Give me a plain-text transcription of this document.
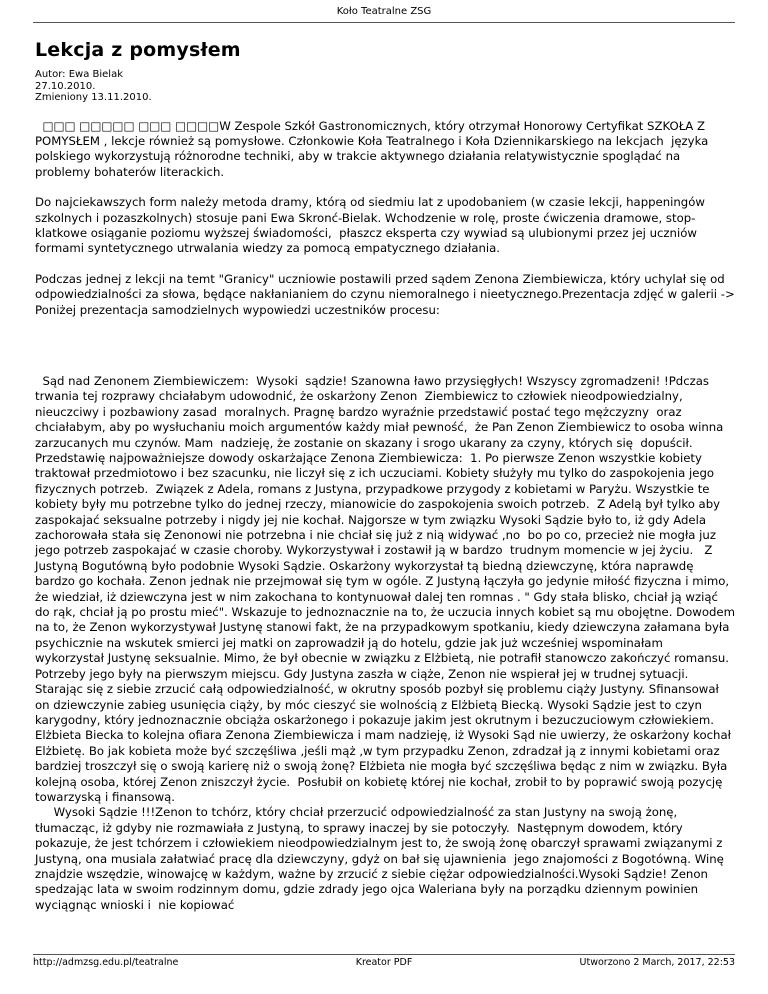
Koło Teatralne ZSG
Lekcja z pomysłem
Autor: Ewa Bielak
27.10.2010.
Zmieniony 13.11.2010.

□□□ □□□□□ □□□ □□□□W Zespole Szkół Gastronomicznych, który otrzymał Honorowy Certyfikat SZKOŁA Z POMYSŁEM , lekcje również są pomysłowe. Członkowie Koła Teatralnego i Koła Dziennikarskiego na lekcjach  języka polskiego wykorzystują różnorodne techniki, aby w trakcie aktywnego działania relatywistycznie spoglądać na problemy bohaterów literackich.

Do najciekawszych form należy metoda dramy, którą od siedmiu lat z upodobaniem (w czasie lekcji, happeningów szkolnych i pozaszkolnych) stosuje pani Ewa Skronć-Bielak. Wchodzenie w rolę, proste ćwiczenia dramowe, stop-klatkowe osiąganie poziomu wyższej świadomości,  płaszcz eksperta czy wywiad są ulubionymi przez jej uczniów formami syntetycznego utrwalania wiedzy za pomocą empatycznego działania.

Podczas jednej z lekcji na temt "Granicy" uczniowie postawili przed sądem Zenona Ziembiewicza, który uchylał się od odpowiedzialności za słowa, będące nakłanianiem do czynu niemoralnego i nieetycznego.Prezentacja zdjęć w galerii -> Poniżej prezentacja samodzielnych wypowiedzi uczestników procesu:

Sąd nad Zenonem Ziembiewiczem:  Wysoki  sądzie! Szanowna ławo przysięgłych! Wszyscy zgromadzeni! !Pdczas  trwania tej rozprawy chciałabym udowodnić, że oskarżony Zenon  Ziembiewicz to człowiek nieodpowiedzialny, nieuczciwy i pozbawiony zasad  moralnych. Pragnę bardzo wyraźnie przedstawić postać tego mężczyzny  oraz chciałabym, aby po wysłuchaniu moich argumentów każdy miał pewność,  że Pan Zenon Ziembiewicz to osoba winna zarzucanych mu czynów. Mam  nadzieję, że zostanie on skazany i srogo ukarany za czyny, których się  dopuścił. Przedstawię najpoważniejsze dowody oskarżające Zenona Ziembiewicza:  1. Po pierwsze Zenon wszystkie kobiety traktował przedmiotowo i bez szacunku, nie liczył się z ich uczuciami. Kobiety służyły mu tylko do zaspokojenia jego fizycznych potrzeb.  Związek z Adela, romans z Justyna, przypadkowe przygody z kobietami w Paryżu. Wszystkie te kobiety były mu potrzebne tylko do jednej rzeczy, mianowicie do zaspokojenia swoich potrzeb.  Z Adelą był tylko aby zaspokajać seksualne potrzeby i nigdy jej nie kochał. Najgorsze w tym związku Wysoki Sądzie było to, iż gdy Adela zachorowała stała się Zenonowi nie potrzebna i nie chciał się już z nią widywać ,no  bo po co, przecież nie mogła juz jego potrzeb zaspokajać w czasie choroby. Wykorzystywał i zostawił ją w bardzo  trudnym momencie w jej życiu.   Z Justyną Bogutówną było podobnie Wysoki Sądzie. Oskarżony wykorzystał tą biedną dziewczynę, która naprawdę bardzo go kochała. Zenon jednak nie przejmował się tym w ogóle. Z Justyną łączyła go jedynie miłość fizyczna i mimo, że wiedział, iż dziewczyna jest w nim zakochana to kontynuował dalej ten romnas . " Gdy stała blisko, chciał ją wziąć do rąk, chciał ją po prostu mieć". Wskazuje to jednoznacznie na to, że uczucia innych kobiet są mu obojętne. Dowodem na to, że Zenon wykorzystywał Justynę stanowi fakt, że na przypadkowym spotkaniu, kiedy dziewczyna załamana była psychicznie na wskutek smierci jej matki on zaprowadził ją do hotelu, gdzie jak już wcześniej wspominałam wykorzystał Justynę seksualnie. Mimo, że był obecnie w związku z Elżbietą, nie potrafił stanowczo zakończyć romansu. Potrzeby jego były na pierwszym miejscu. Gdy Justyna zaszła w ciąże, Zenon nie wspierał jej w trudnej sytuacji. Starając się z siebie zrzucić całą odpowiedzialność, w okrutny sposób pozbył się problemu ciąży Justyny. Sfinansował on dziewczynie zabieg usunięcia ciąży, by móc cieszyć sie wolnością z Elżbietą Biecką. Wysoki Sądzie jest to czyn karygodny, który jednoznacznie obciąża oskarżonego i pokazuje jakim jest okrutnym i bezuczuciowym człowiekiem.   Elżbieta Biecka to kolejna ofiara Zenona Ziembiewicza i mam nadzieję, iż Wysoki Sąd nie uwierzy, że oskarżony kochał Elżbietę. Bo jak kobieta może być szczęśliwa ,jeśli mąż ,w tym przypadku Zenon, zdradzał ją z innymi kobietami oraz bardziej troszczył się o swoją karierę niż o swoją żonę? Elżbieta nie mogła być szczęśliwa będąc z nim w związku. Była kolejną osoba, której Zenon zniszczył życie.  Posłubił on kobietę której nie kochał, zrobił to by poprawić swoją pozycję towarzyską i finansową.

Wysoki Sądzie !!!Zenon to tchórz, który chciał przerzucić odpowiedzialność za stan Justyny na swoją żonę, tłumacząc, iż gdyby nie rozmawiała z Justyną, to sprawy inaczej by sie potoczyły.  Następnym dowodem, który pokazuje, że jest tchórzem i człowiekiem nieodpowiedzialnym jest to, że swoją żonę obarczył sprawami związanymi z Justyną, ona musiala załatwiać pracę dla dziewczyny, gdyż on bał się ujawnienia  jego znajomości z Bogotówną. Winę znajdzie wszędzie, winowajcę w każdym, ważne by zrzucić z siebie ciężar odpowiedzialności.Wysoki Sądzie! Zenon spedzając lata w swoim rodzinnym domu, gdzie zdrady jego ojca Waleriana były na porządku dziennym powinien wyciągnąc wnioski i  nie kopiować

http://admzsg.edu.pl/teatralne	Kreator PDF	Utworzono 2 March, 2017, 22:53
